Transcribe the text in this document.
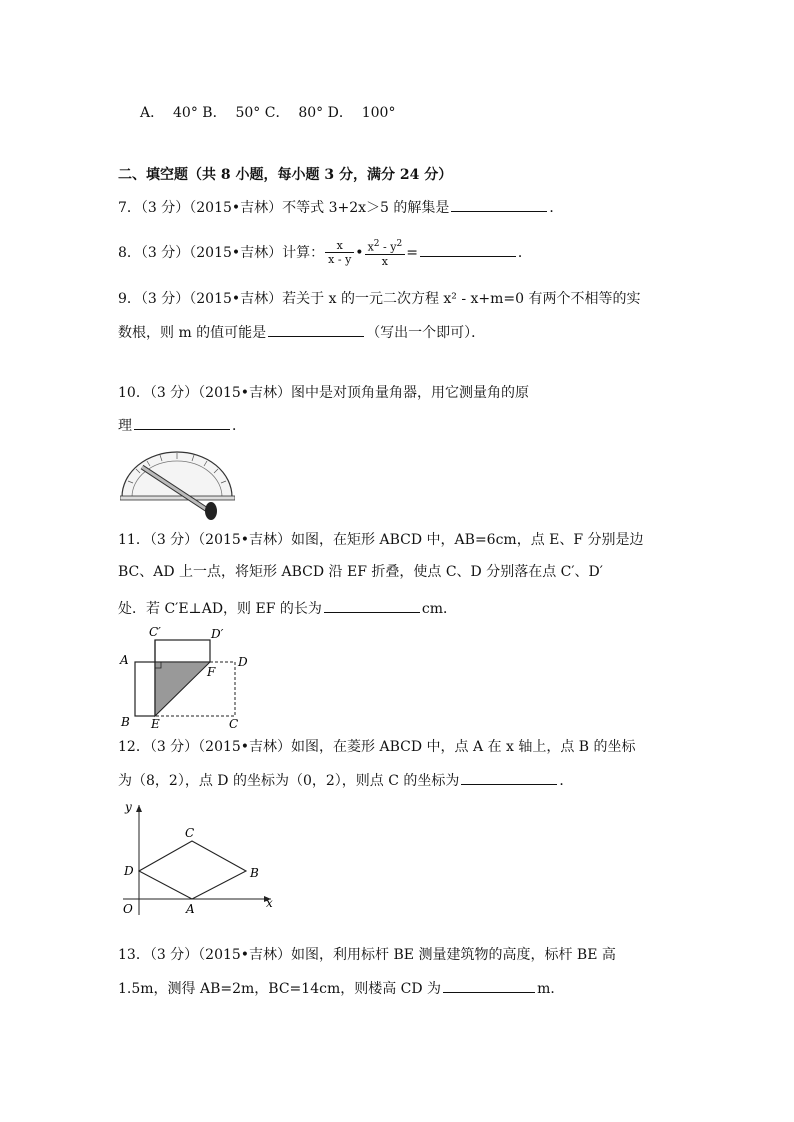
A．  40° B．  50° C．  80° D．  100°
二、填空题（共 8 小题，每小题 3 分，满分 24 分）
7．（3 分）（2015•吉林）不等式 3+2x＞5 的解集是	．
8．（3 分）（2015•吉林）计算： $\frac{x}{x - y}$ • $\frac{x^2 - y^2}{x}$ =	．
9．（3 分）（2015•吉林）若关于 x 的一元二次方程 x² - x+m=0 有两个不相等的实
数根，则 m 的值可能是	（写出一个即可）．
10．（3 分）（2015•吉林）图中是对顶角量角器，用它测量角的原
理	．
11．（3 分）（2015•吉林）如图，在矩形 ABCD 中，AB=6cm，点 E、F 分别是边
BC、AD 上一点，将矩形 ABCD 沿 EF 折叠，使点 C、D 分别落在点 C′、D′
处．若 C′E⊥AD，则 EF 的长为	cm．
C′	D′
A	D
F
B E	C
12．（3 分）（2015•吉林）如图，在菱形 ABCD 中，点 A 在 x 轴上，点 B 的坐标
为（8，2），点 D 的坐标为（0，2），则点 C 的坐标为	．
y
C
D	B
O	A	x
13．（3 分）（2015•吉林）如图，利用标杆 BE 测量建筑物的高度，标杆 BE 高
1.5m，测得 AB=2m，BC=14cm，则楼高 CD 为	m．
